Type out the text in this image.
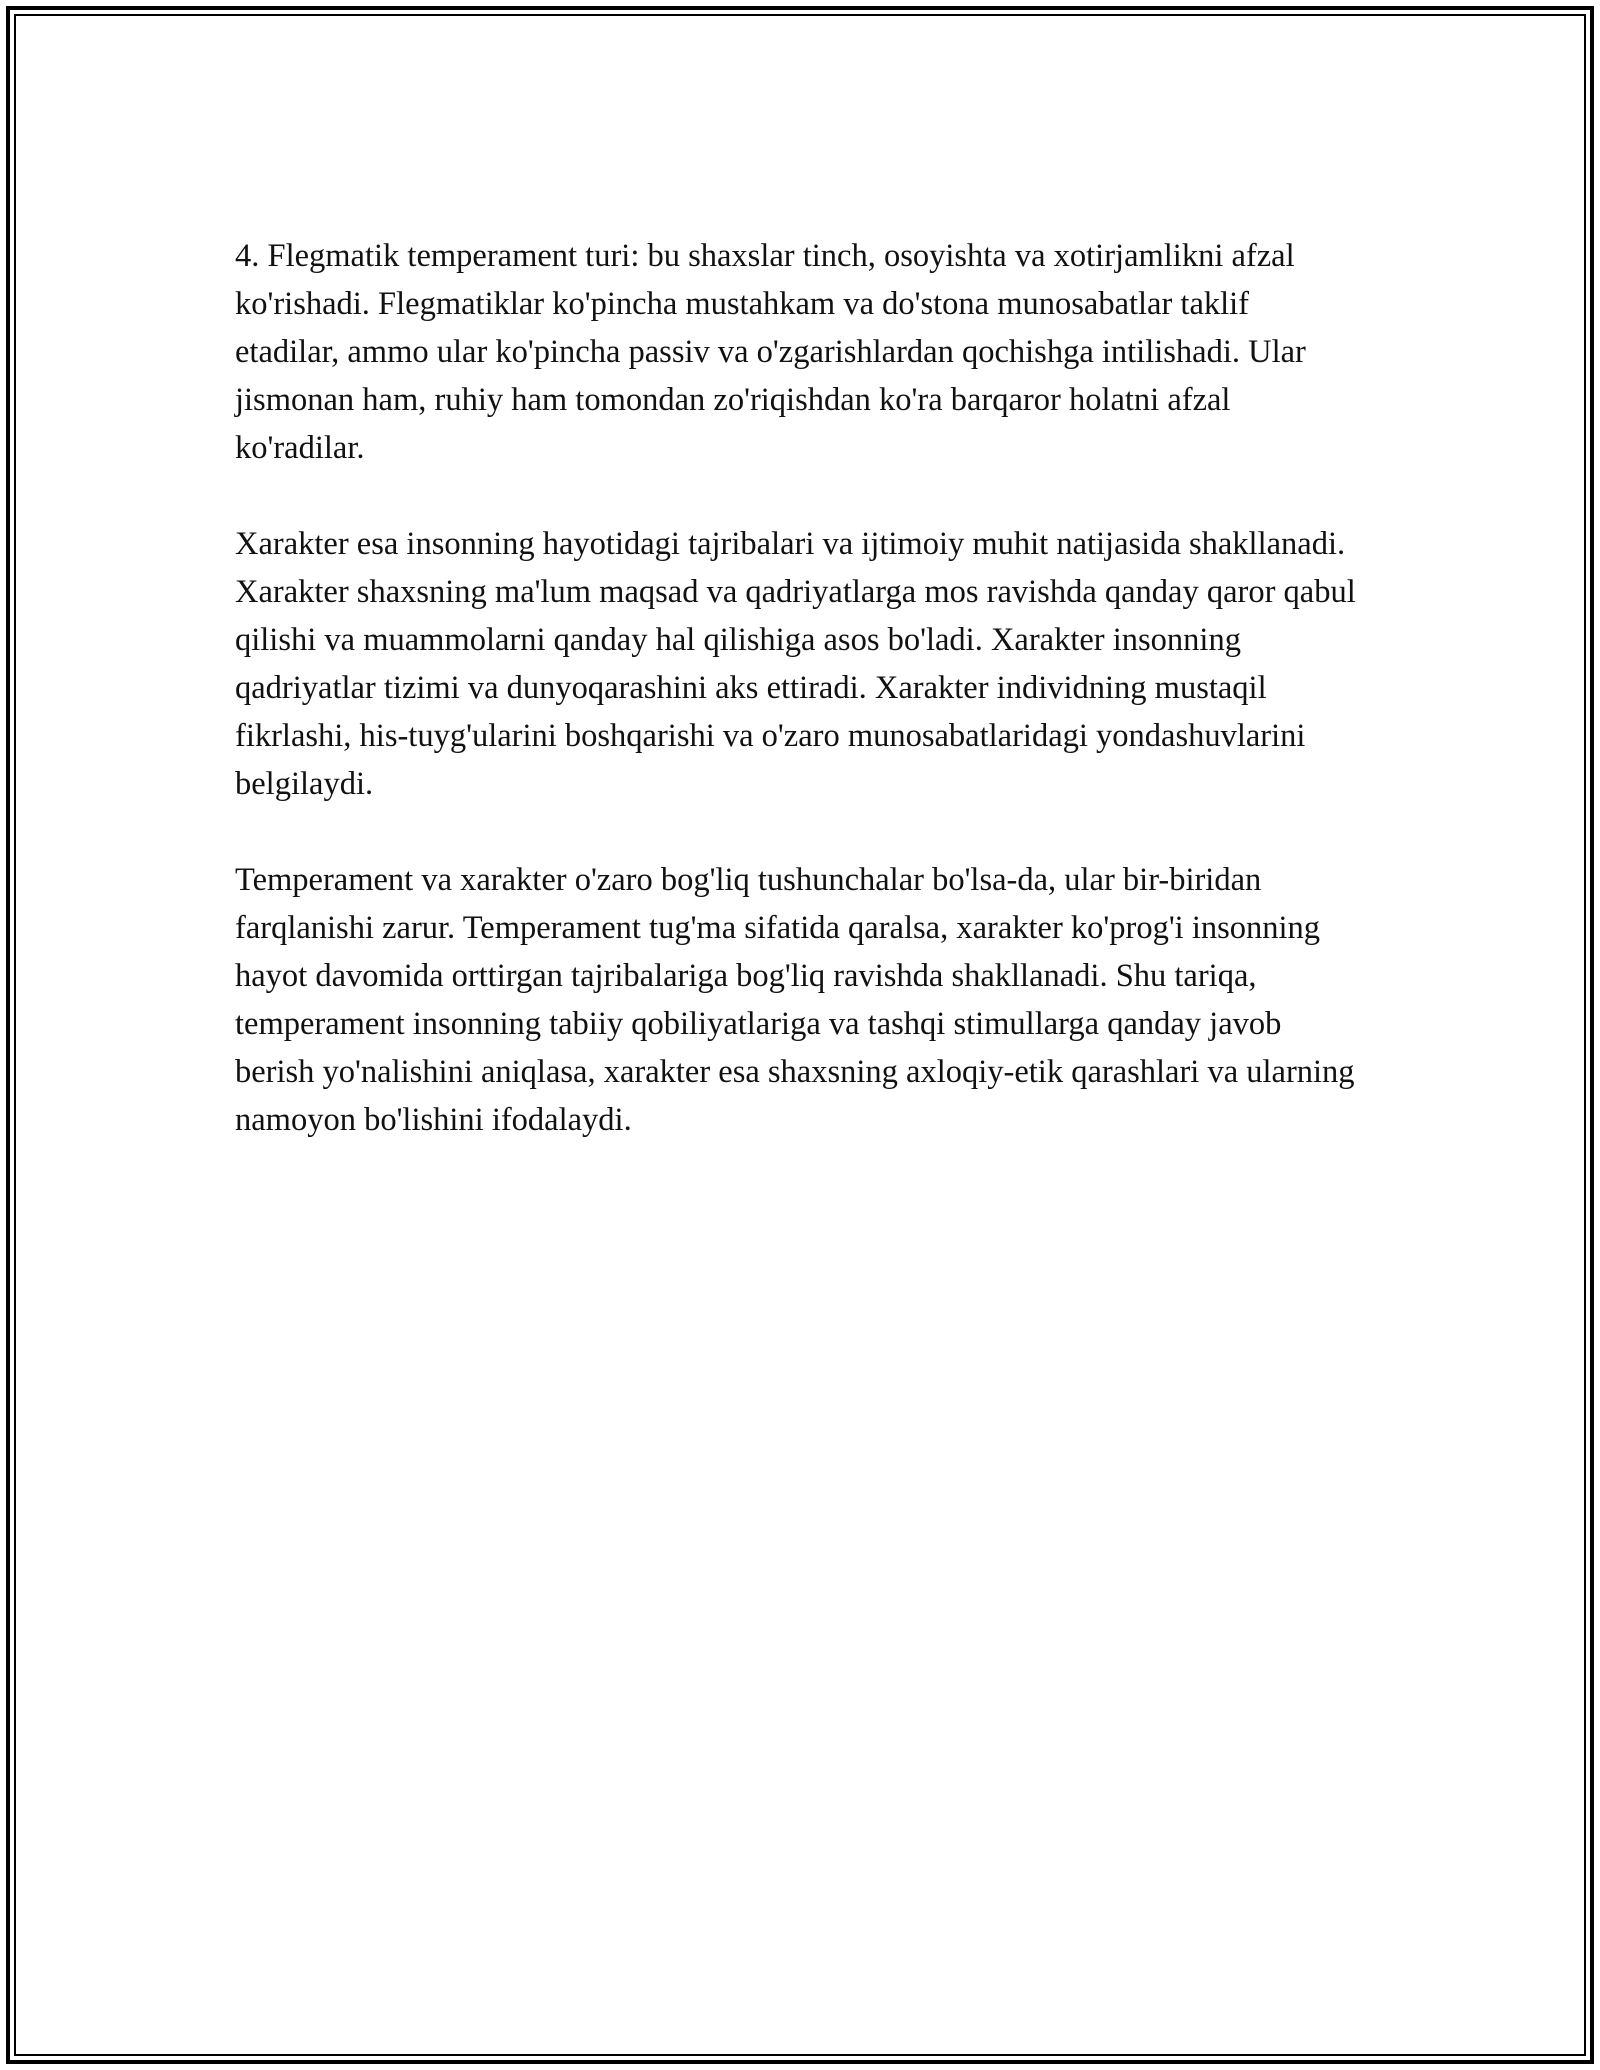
4. Flegmatik temperament turi: bu shaxslar tinch, osoyishta va xotirjamlikni afzal ko'rishadi. Flegmatiklar ko'pincha mustahkam va do'stona munosabatlar taklif etadilar, ammo ular ko'pincha passiv va o'zgarishlardan qochishga intilishadi. Ular jismonan ham, ruhiy ham tomondan zo'riqishdan ko'ra barqaror holatni afzal ko'radilar.

Xarakter esa insonning hayotidagi tajribalari va ijtimoiy muhit natijasida shakllanadi. Xarakter shaxsning ma'lum maqsad va qadriyatlarga mos ravishda qanday qaror qabul qilishi va muammolarni qanday hal qilishiga asos bo'ladi. Xarakter insonning qadriyatlar tizimi va dunyoqarashini aks ettiradi. Xarakter individning mustaqil fikrlashi, his-tuyg'ularini boshqarishi va o'zaro munosabatlaridagi yondashuvlarini belgilaydi.

Temperament va xarakter o'zaro bog'liq tushunchalar bo'lsa-da, ular bir-biridan farqlanishi zarur. Temperament tug'ma sifatida qaralsa, xarakter ko'prog'i insonning hayot davomida orttirgan tajribalariga bog'liq ravishda shakllanadi. Shu tariqa, temperament insonning tabiiy qobiliyatlariga va tashqi stimullarga qanday javob berish yo'nalishini aniqlasa, xarakter esa shaxsning axloqiy-etik qarashlari va ularning namoyon bo'lishini ifodalaydi.
